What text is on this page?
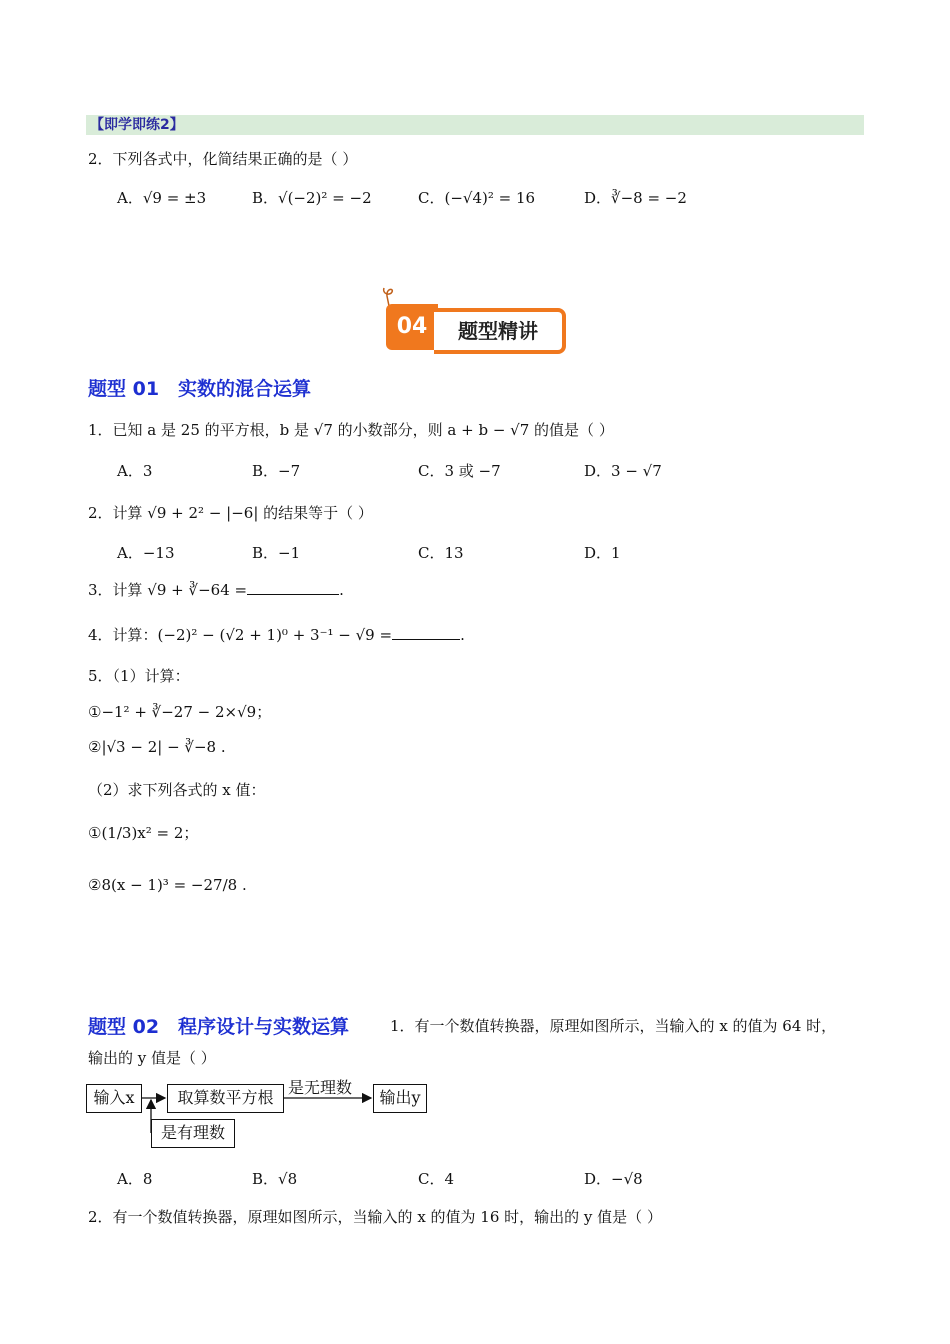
【即学即练2】
2．下列各式中，化简结果正确的是（ ）
A．√9 = ±3	B．√(−2)² = −2	C．(−√4)² = 16	D．∛−8 = −2
04	题型精讲
题型 01　实数的混合运算
1．已知 a 是 25 的平方根，b 是 √7 的小数部分，则 a + b − √7 的值是（ ）
A．3	B．−7	C．3 或 −7	D．3 − √7
2．计算 √9 + 2² − |−6| 的结果等于（ ）
A．−13	B．−1	C．13	D．1
3．计算 √9 + ∛−64 =	.
4．计算：(−2)² − (√2 + 1)⁰ + 3⁻¹ − √9 =	.
5．（1）计算：
①−1² + ∛−27 − 2×√9；
②|√3 − 2| − ∛−8 .
（2）求下列各式的 x 值：
①(1/3)x² = 2；
②8(x − 1)³ = −27/8 .
题型 02　程序设计与实数运算	1．有一个数值转换器，原理如图所示，当输入的 x 的值为 64 时，
输出的 y 值是（ ）
输入x	取算数平方根	输出y
是有理数
是无理数
A．8	B．√8	C．4	D．−√8
2．有一个数值转换器，原理如图所示，当输入的 x 的值为 16 时，输出的 y 值是（ ）
